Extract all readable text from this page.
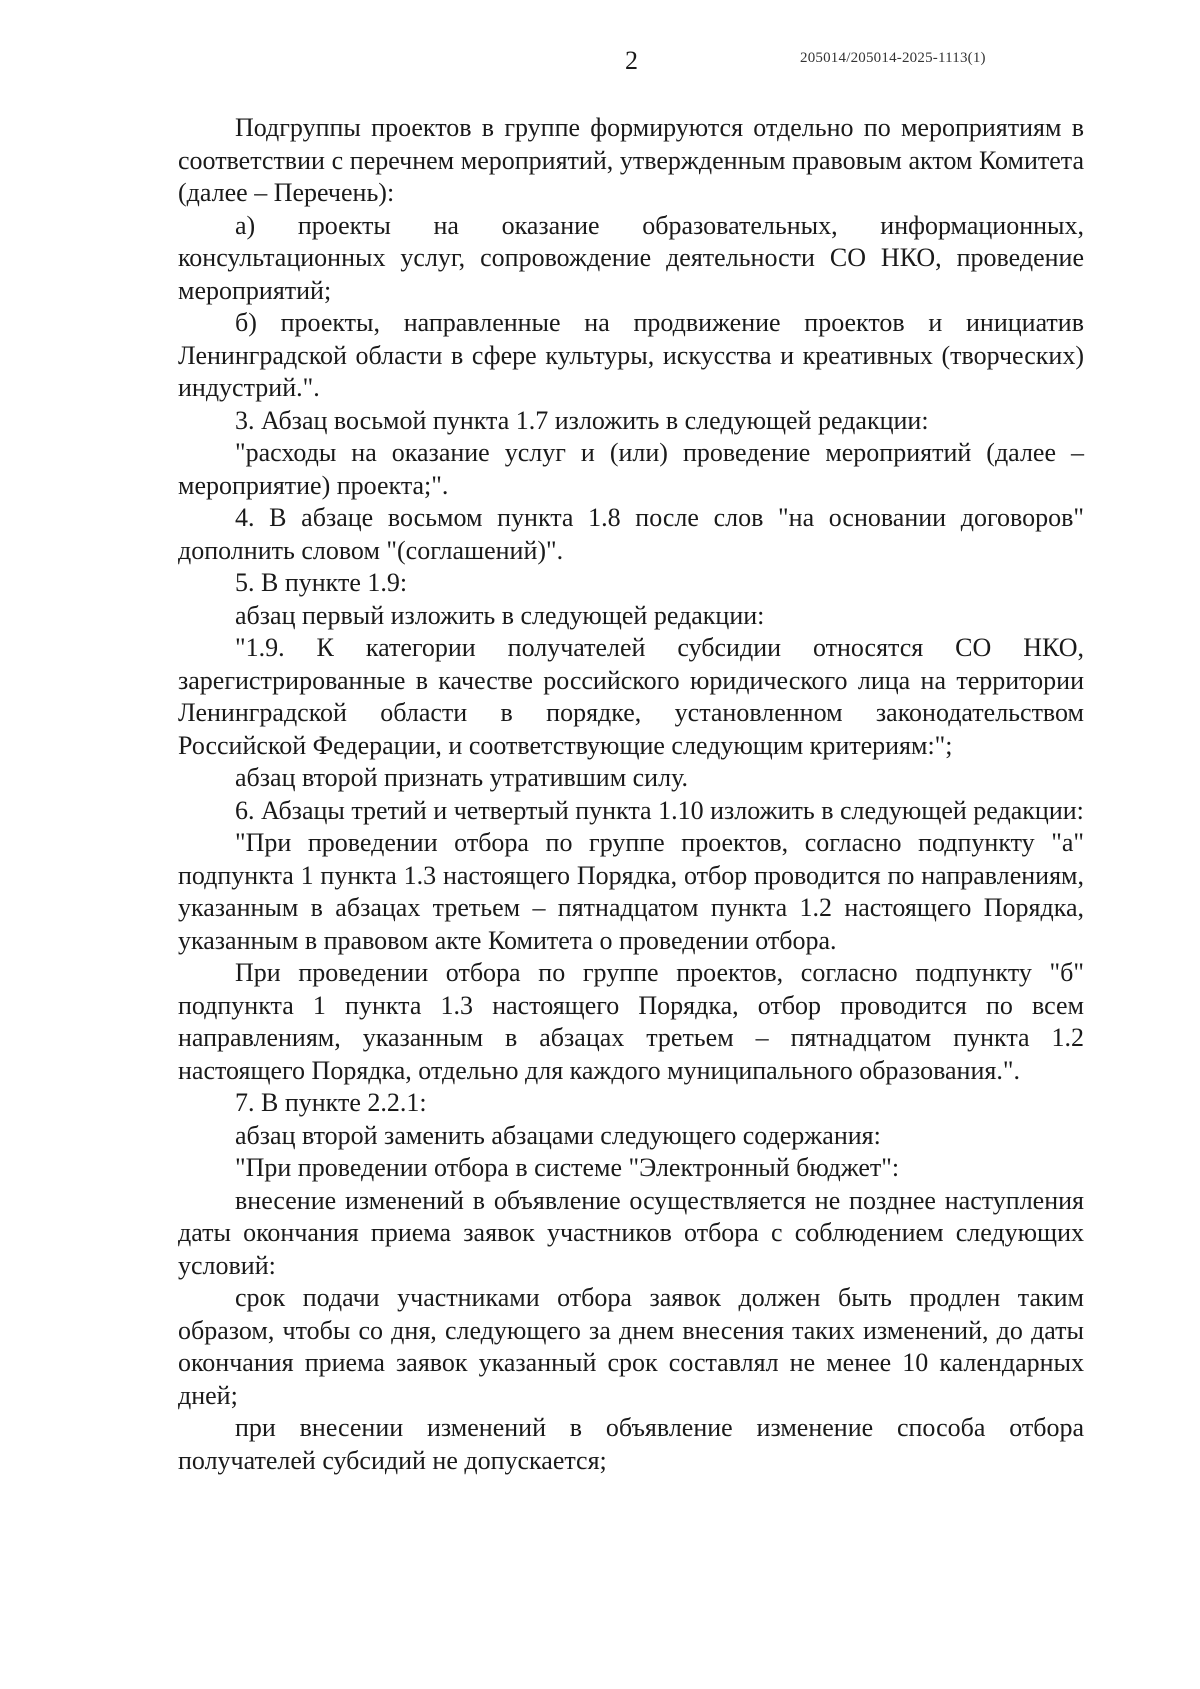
2	205014/205014-2025-1113(1)

Подгруппы проектов в группе формируются отдельно по мероприятиям в соответствии с перечнем мероприятий, утвержденным правовым актом Комитета (далее – Перечень):

а) проекты на оказание образовательных, информационных, консультационных услуг, сопровождение деятельности СО НКО, проведение мероприятий;

б) проекты, направленные на продвижение проектов и инициатив Ленинградской области в сфере культуры, искусства и креативных (творческих) индустрий.".

3. Абзац восьмой пункта 1.7 изложить в следующей редакции:

"расходы на оказание услуг и (или) проведение мероприятий (далее – мероприятие) проекта;".

4. В абзаце восьмом пункта 1.8 после слов "на основании договоров" дополнить словом "(соглашений)".

5. В пункте 1.9:

абзац первый изложить в следующей редакции:

"1.9. К категории получателей субсидии относятся СО НКО, зарегистрированные в качестве российского юридического лица на территории Ленинградской области в порядке, установленном законодательством Российской Федерации, и соответствующие следующим критериям:";

абзац второй признать утратившим силу.

6. Абзацы третий и четвертый пункта 1.10 изложить в следующей редакции:

"При проведении отбора по группе проектов, согласно подпункту "а" подпункта 1 пункта 1.3 настоящего Порядка, отбор проводится по направлениям, указанным в абзацах третьем – пятнадцатом пункта 1.2 настоящего Порядка, указанным в правовом акте Комитета о проведении отбора.

При проведении отбора по группе проектов, согласно подпункту "б" подпункта 1 пункта 1.3 настоящего Порядка, отбор проводится по всем направлениям, указанным в абзацах третьем – пятнадцатом пункта 1.2 настоящего Порядка, отдельно для каждого муниципального образования.".

7. В пункте 2.2.1:

абзац второй заменить абзацами следующего содержания:

"При проведении отбора в системе "Электронный бюджет":

внесение изменений в объявление осуществляется не позднее наступления даты окончания приема заявок участников отбора с соблюдением следующих условий:

срок подачи участниками отбора заявок должен быть продлен таким образом, чтобы со дня, следующего за днем внесения таких изменений, до даты окончания приема заявок указанный срок составлял не менее 10 календарных дней;

при внесении изменений в объявление изменение способа отбора получателей субсидий не допускается;
